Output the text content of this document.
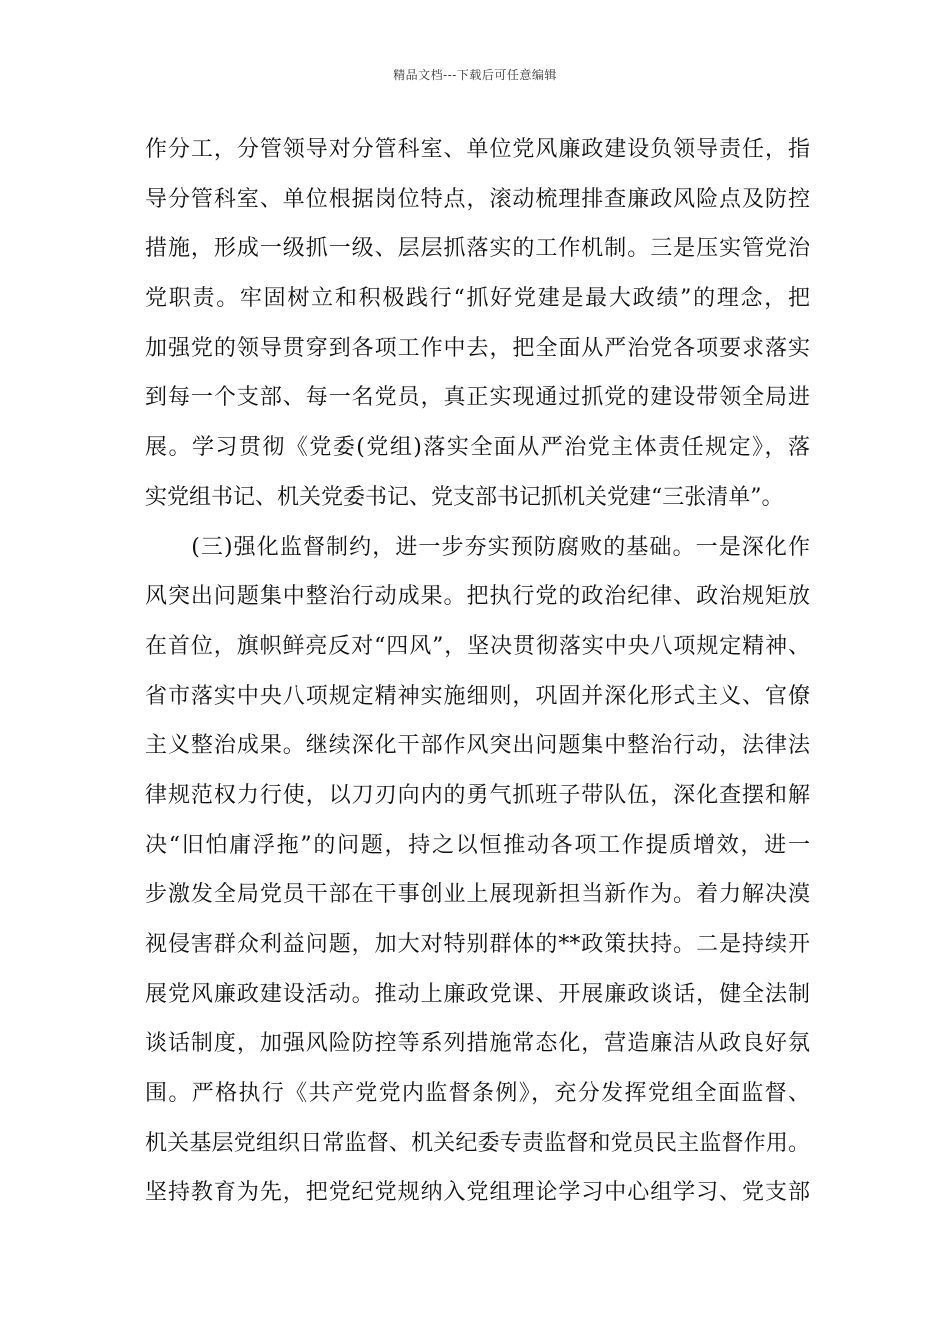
精品文档---下载后可任意编辑
作分工，分管领导对分管科室、单位党风廉政建设负领导责任，指
导分管科室、单位根据岗位特点，滚动梳理排查廉政风险点及防控
措施，形成一级抓一级、层层抓落实的工作机制。三是压实管党治
党职责。牢固树立和积极践行“抓好党建是最大政绩”的理念，把
加强党的领导贯穿到各项工作中去，把全面从严治党各项要求落实
到每一个支部、每一名党员，真正实现通过抓党的建设带领全局进
展。学习贯彻《党委(党组)落实全面从严治党主体责任规定》，落
实党组书记、机关党委书记、党支部书记抓机关党建“三张清单”。
　　(三)强化监督制约，进一步夯实预防腐败的基础。一是深化作
风突出问题集中整治行动成果。把执行党的政治纪律、政治规矩放
在首位，旗帜鲜亮反对“四风”，坚决贯彻落实中央八项规定精神、
省市落实中央八项规定精神实施细则，巩固并深化形式主义、官僚
主义整治成果。继续深化干部作风突出问题集中整治行动，法律法
律规范权力行使，以刀刃向内的勇气抓班子带队伍，深化查摆和解
决“旧怕庸浮拖”的问题，持之以恒推动各项工作提质增效，进一
步激发全局党员干部在干事创业上展现新担当新作为。着力解决漠
视侵害群众利益问题，加大对特别群体的**政策扶持。二是持续开
展党风廉政建设活动。推动上廉政党课、开展廉政谈话，健全法制
谈话制度，加强风险防控等系列措施常态化，营造廉洁从政良好氛
围。严格执行《共产党党内监督条例》，充分发挥党组全面监督、
机关基层党组织日常监督、机关纪委专责监督和党员民主监督作用。
坚持教育为先，把党纪党规纳入党组理论学习中心组学习、党支部
